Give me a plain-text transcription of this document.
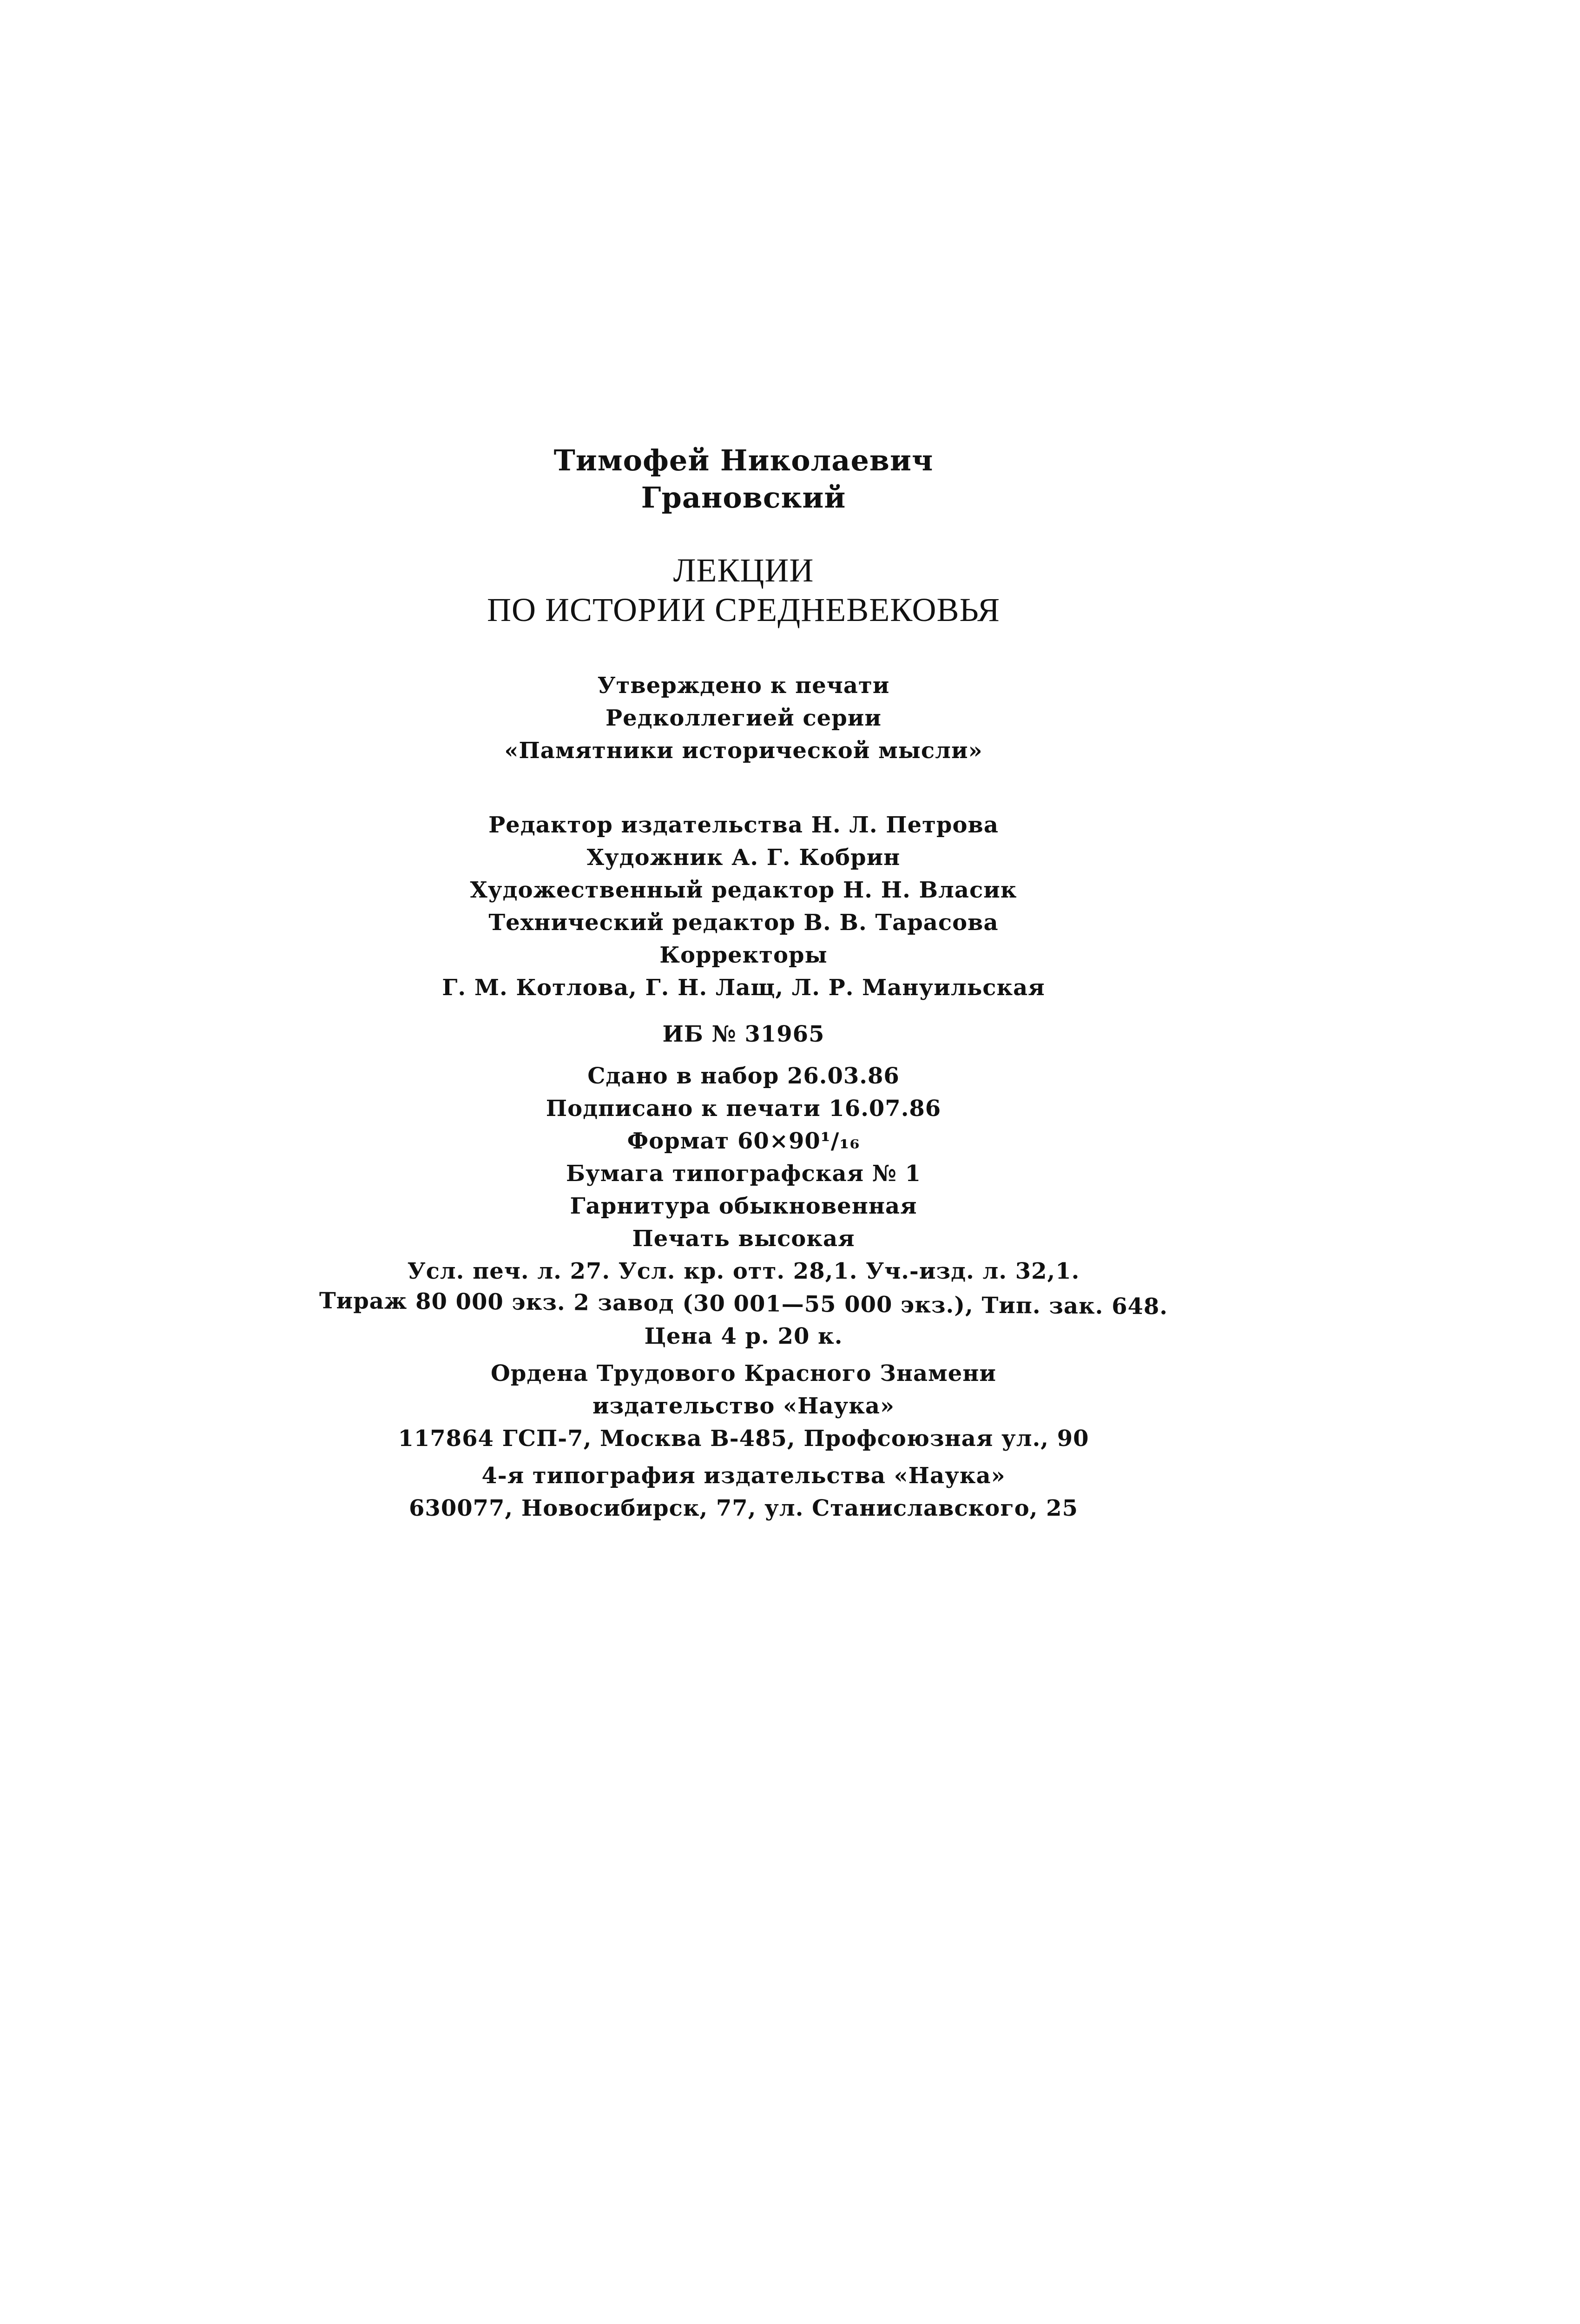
Тимофей Николаевич
Грановский
ЛЕКЦИИ
ПО ИСТОРИИ СРЕДНЕВЕКОВЬЯ
Утверждено к печати
Редколлегией серии
«Памятники исторической мысли»
Редактор издательства Н. Л. Петрова
Художник А. Г. Кобрин
Художественный редактор Н. Н. Власик
Технический редактор В. В. Тарасова
Корректоры
Г. М. Котлова, Г. Н. Лащ, Л. Р. Мануильская
ИБ № 31965
Сдано в набор 26.03.86
Подписано к печати 16.07.86
Формат 60×90¹/₁₆
Бумага типографская № 1
Гарнитура обыкновенная
Печать высокая
Усл. печ. л. 27. Усл. кр. отт. 28,1. Уч.-изд. л. 32,1.
Тираж 80 000 экз. 2 завод (30 001—55 000 экз.), Тип. зак. 648.
Цена 4 р. 20 к.
Ордена Трудового Красного Знамени
издательство «Наука»
117864 ГСП-7, Москва В-485, Профсоюзная ул., 90
4-я типография издательства «Наука»
630077, Новосибирск, 77, ул. Станиславского, 25
